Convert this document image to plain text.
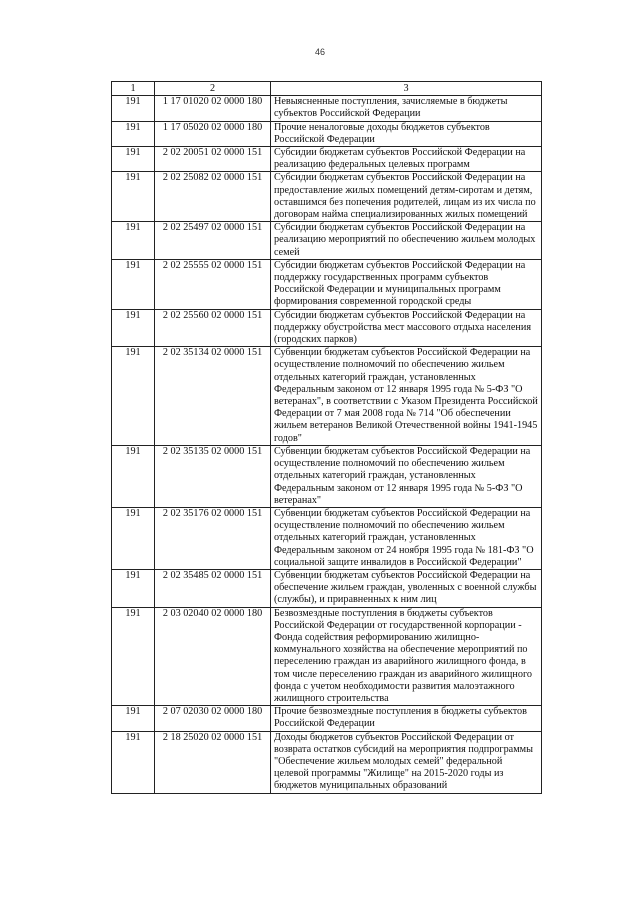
46
1	2	3
191	1 17 01020 02 0000 180	Невыясненные поступления, зачисляемые в бюджеты субъектов Российской Федерации
191	1 17 05020 02 0000 180	Прочие неналоговые доходы бюджетов субъектов Российской Федерации
191	2 02 20051 02 0000 151	Субсидии бюджетам субъектов Российской Федерации на реализацию федеральных целевых программ
191	2 02 25082 02 0000 151	Субсидии бюджетам субъектов Российской Федерации на предоставление жилых помещений детям-сиротам и детям, оставшимся без попечения родителей, лицам из их числа по договорам найма специализированных жилых помещений
191	2 02 25497 02 0000 151	Субсидии бюджетам субъектов Российской Федерации на реализацию мероприятий по обеспечению жильем молодых семей
191	2 02 25555 02 0000 151	Субсидии бюджетам субъектов Российской Федерации на поддержку государственных программ субъектов Российской Федерации и муниципальных программ формирования современной городской среды
191	2 02 25560 02 0000 151	Субсидии бюджетам субъектов Российской Федерации на поддержку обустройства мест массового отдыха населения (городских парков)
191	2 02 35134 02 0000 151	Субвенции бюджетам субъектов Российской Федерации на осуществление полномочий по обеспечению жильем отдельных категорий граждан, установленных Федеральным законом от 12 января 1995 года № 5-ФЗ "О ветеранах", в соответствии с Указом Президента Российской Федерации от 7 мая 2008 года № 714 "Об обеспечении жильем ветеранов Великой Отечественной войны 1941-1945 годов"
191	2 02 35135 02 0000 151	Субвенции бюджетам субъектов Российской Федерации на осуществление полномочий по обеспечению жильем отдельных категорий граждан, установленных Федеральным законом от 12 января 1995 года № 5-ФЗ "О ветеранах"
191	2 02 35176 02 0000 151	Субвенции бюджетам субъектов Российской Федерации на осуществление полномочий по обеспечению жильем отдельных категорий граждан, установленных Федеральным законом от 24 ноября 1995 года № 181-ФЗ "О социальной защите инвалидов в Российской Федерации"
191	2 02 35485 02 0000 151	Субвенции бюджетам субъектов Российской Федерации на обеспечение жильем граждан, уволенных с военной службы (службы), и приравненных к ним лиц
191	2 03 02040 02 0000 180	Безвозмездные поступления в бюджеты субъектов Российской Федерации от государственной корпорации - Фонда содействия реформированию жилищно-коммунального хозяйства на обеспечение мероприятий по переселению граждан из аварийного жилищного фонда, в том числе переселению граждан из аварийного жилищного фонда с учетом необходимости развития малоэтажного жилищного строительства
191	2 07 02030 02 0000 180	Прочие безвозмездные поступления в бюджеты субъектов Российской Федерации
191	2 18 25020 02 0000 151	Доходы бюджетов субъектов Российской Федерации от возврата остатков субсидий на мероприятия подпрограммы "Обеспечение жильем молодых семей" федеральной целевой программы "Жилище" на 2015-2020 годы из бюджетов муниципальных образований
